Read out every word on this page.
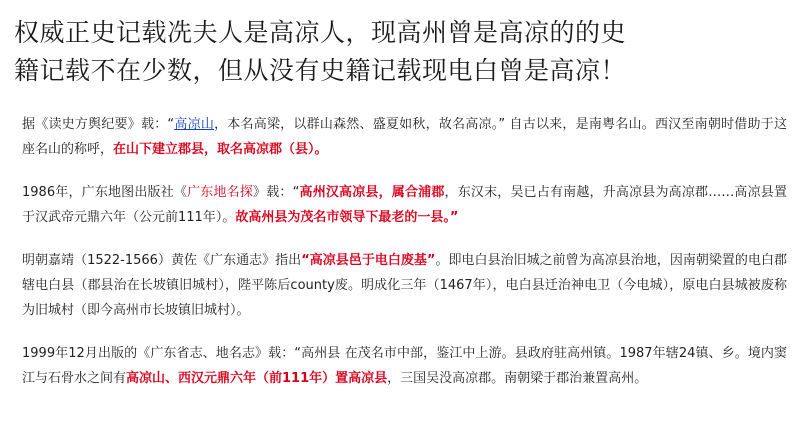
权威正史记载冼夫人是高凉人，现高州曾是高凉的的史
籍记载不在少数，但从没有史籍记载现电白曾是高凉！

据《读史方舆纪要》载：“高凉山，本名高梁，以群山森然、盛夏如秋，故名高凉。” 自古以来，是南粤名山。西汉至南朝时借助于这座名山的称呼，在山下建立郡县，取名高凉郡（县）。

1986年，广东地图出版社《广东地名探》载：“高州汉高凉县，属合浦郡，东汉末，吴已占有南越，升高凉县为高凉郡……高凉县置于汉武帝元鼎六年（公元前111年）。故高州县为茂名市领导下最老的一县。”

明朝嘉靖（1522-1566）黄佐《广东通志》指出“高凉县邑于电白废基”。即电白县治旧城之前曾为高凉县治地，因南朝梁置的电白郡辖电白县（郡县治在长坡镇旧城村），陛平陈后county废。明成化三年（1467年），电白县迁治神电卫（今电城），原电白县城被废称为旧城村（即今高州市长坡镇旧城村）。

1999年12月出版的《广东省志、地名志》载：“高州县 在茂名市中部，鉴江中上游。县政府驻高州镇。1987年辖24镇、乡。境内窦江与石骨水之间有高凉山、西汉元鼎六年（前111年）置高凉县，三国吴没高凉郡。南朝梁于郡治兼置高州。
